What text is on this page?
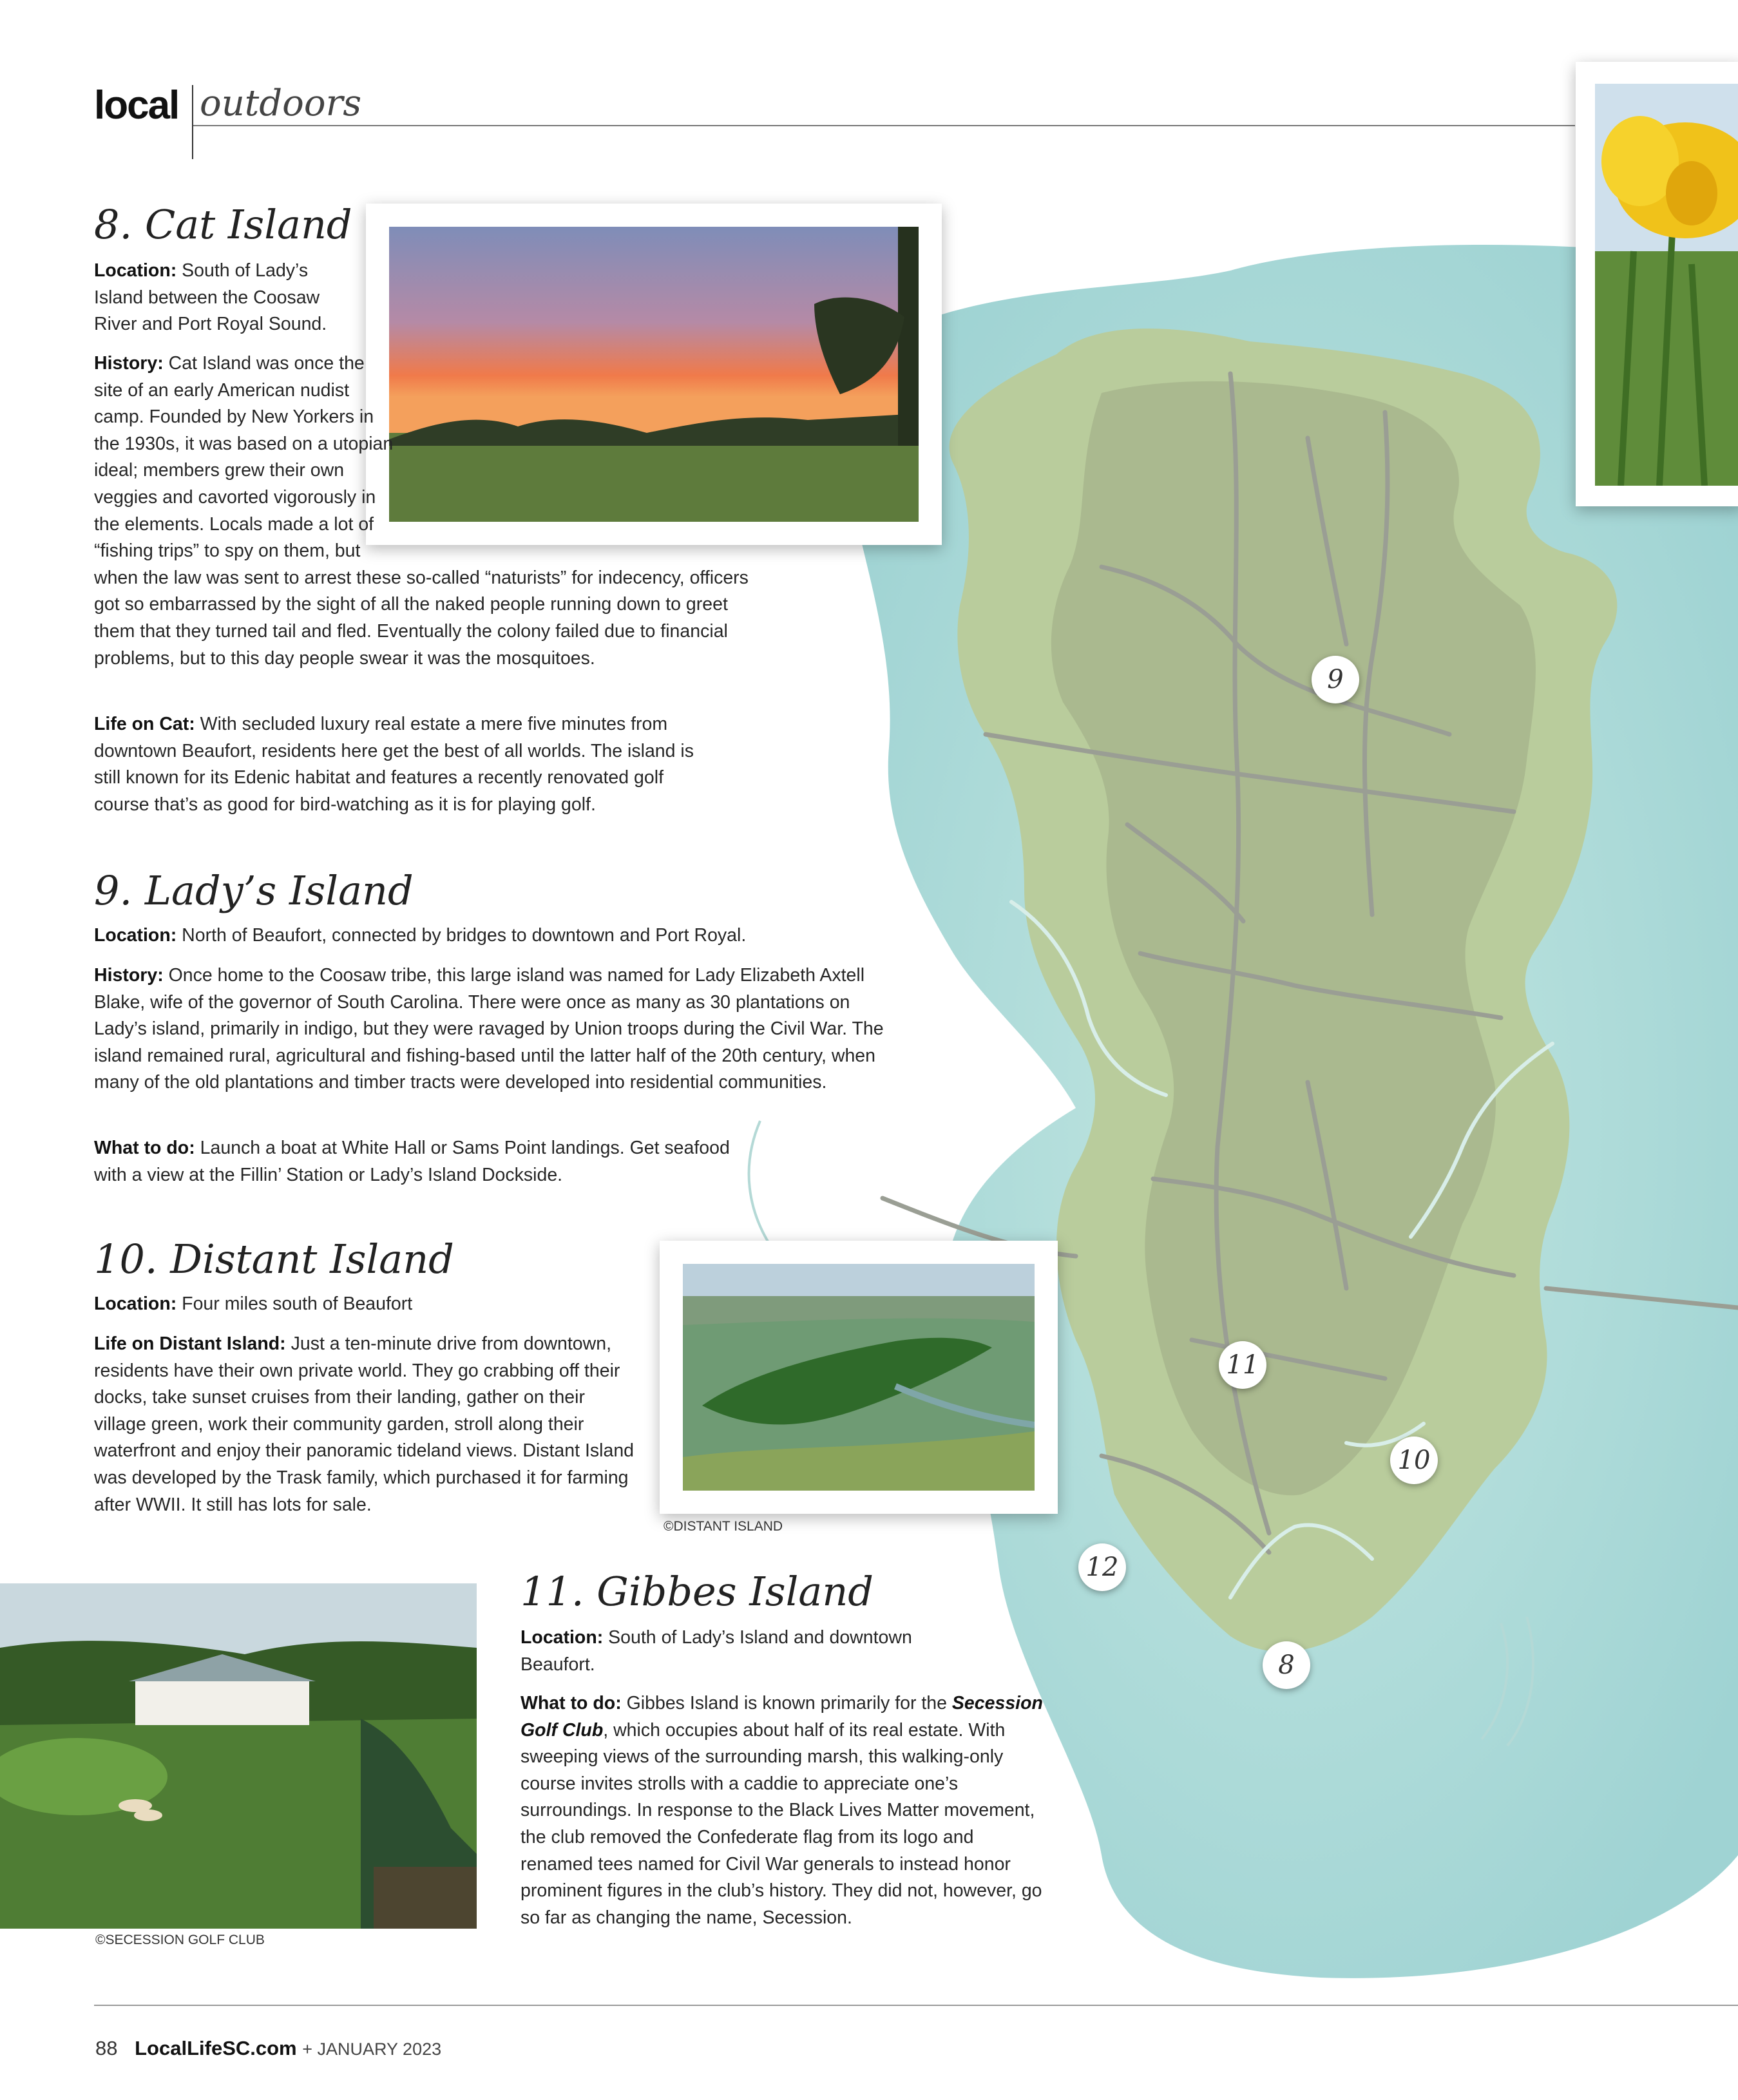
local outdoors
8. Cat Island

Location: South of Lady’s Island between the Coosaw River and Port Royal Sound.

History: Cat Island was once the site of an early American nudist camp. Founded by New Yorkers in the 1930s, it was based on a utopian ideal; members grew their own veggies and cavorted vigorously in the elements. Locals made a lot of “fishing trips” to spy on them, but when the law was sent to arrest these so-called “naturists” for indecency, officers got so embarrassed by the sight of all the naked people running down to greet them that they turned tail and fled. Eventually the colony failed due to financial problems, but to this day people swear it was the mosquitoes.

Life on Cat: With secluded luxury real estate a mere five minutes from downtown Beaufort, residents here get the best of all worlds. The island is still known for its Edenic habitat and features a recently renovated golf course that’s as good for bird-watching as it is for playing golf.

9. Lady’s Island

Location: North of Beaufort, connected by bridges to downtown and Port Royal.

History: Once home to the Coosaw tribe, this large island was named for Lady Elizabeth Axtell Blake, wife of the governor of South Carolina. There were once as many as 30 plantations on Lady’s island, primarily in indigo, but they were ravaged by Union troops during the Civil War. The island remained rural, agricultural and fishing-based until the latter half of the 20th century, when many of the old plantations and timber tracts were developed into residential communities.

What to do: Launch a boat at White Hall or Sams Point landings. Get seafood with a view at the Fillin’ Station or Lady’s Island Dockside.

10. Distant Island

Location: Four miles south of Beaufort

Life on Distant Island: Just a ten-minute drive from downtown, residents have their own private world. They go crabbing off their docks, take sunset cruises from their landing, gather on their village green, work their community garden, stroll along their waterfront and enjoy their panoramic tideland views. Distant Island was developed by the Trask family, which purchased it for farming after WWII. It still has lots for sale.

©DISTANT ISLAND
©SECESSION GOLF CLUB
11. Gibbes Island

Location: South of Lady’s Island and downtown Beaufort.

What to do: Gibbes Island is known primarily for the Secession Golf Club, which occupies about half of its real estate. With sweeping views of the surrounding marsh, this walking-only course invites strolls with a caddie to appreciate one’s surroundings. In response to the Black Lives Matter movement, the club removed the Confederate flag from its logo and renamed tees named for Civil War generals to instead honor prominent figures in the club’s history. They did not, however, go so far as changing the name, Secession.

9
11
10
12
8
88 LocalLifeSC.com + JANUARY 2023
